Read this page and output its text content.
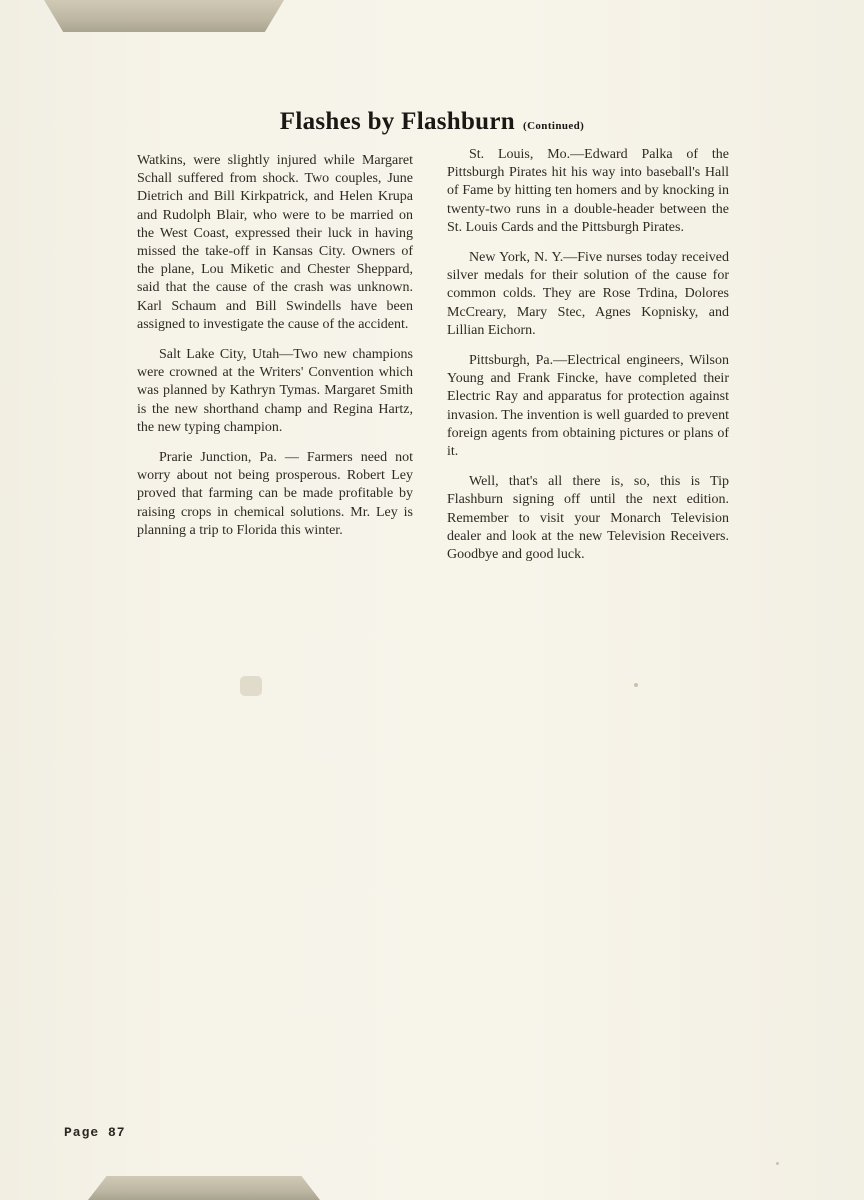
Flashes by Flashburn (Continued)

Watkins, were slightly injured while Margaret Schall suffered from shock. Two couples, June Dietrich and Bill Kirkpatrick, and Helen Krupa and Rudolph Blair, who were to be married on the West Coast, expressed their luck in having missed the take-off in Kansas City. Owners of the plane, Lou Miketic and Chester Sheppard, said that the cause of the crash was unknown. Karl Schaum and Bill Swindells have been assigned to investigate the cause of the accident.

Salt Lake City, Utah—Two new champions were crowned at the Writers' Convention which was planned by Kathryn Tymas. Margaret Smith is the new shorthand champ and Regina Hartz, the new typing champion.

Prarie Junction, Pa. — Farmers need not worry about not being prosperous. Robert Ley proved that farming can be made profitable by raising crops in chemical solutions. Mr. Ley is planning a trip to Florida this winter.

St. Louis, Mo.—Edward Palka of the Pittsburgh Pirates hit his way into baseball's Hall of Fame by hitting ten homers and by knocking in twenty-two runs in a double-header between the St. Louis Cards and the Pittsburgh Pirates.

New York, N. Y.—Five nurses today received silver medals for their solution of the cause for common colds. They are Rose Trdina, Dolores McCreary, Mary Stec, Agnes Kopnisky, and Lillian Eichorn.

Pittsburgh, Pa.—Electrical engineers, Wilson Young and Frank Fincke, have completed their Electric Ray and apparatus for protection against invasion. The invention is well guarded to prevent foreign agents from obtaining pictures or plans of it.

Well, that's all there is, so, this is Tip Flashburn signing off until the next edition. Remember to visit your Monarch Television dealer and look at the new Television Receivers. Goodbye and good luck.

Page 87
